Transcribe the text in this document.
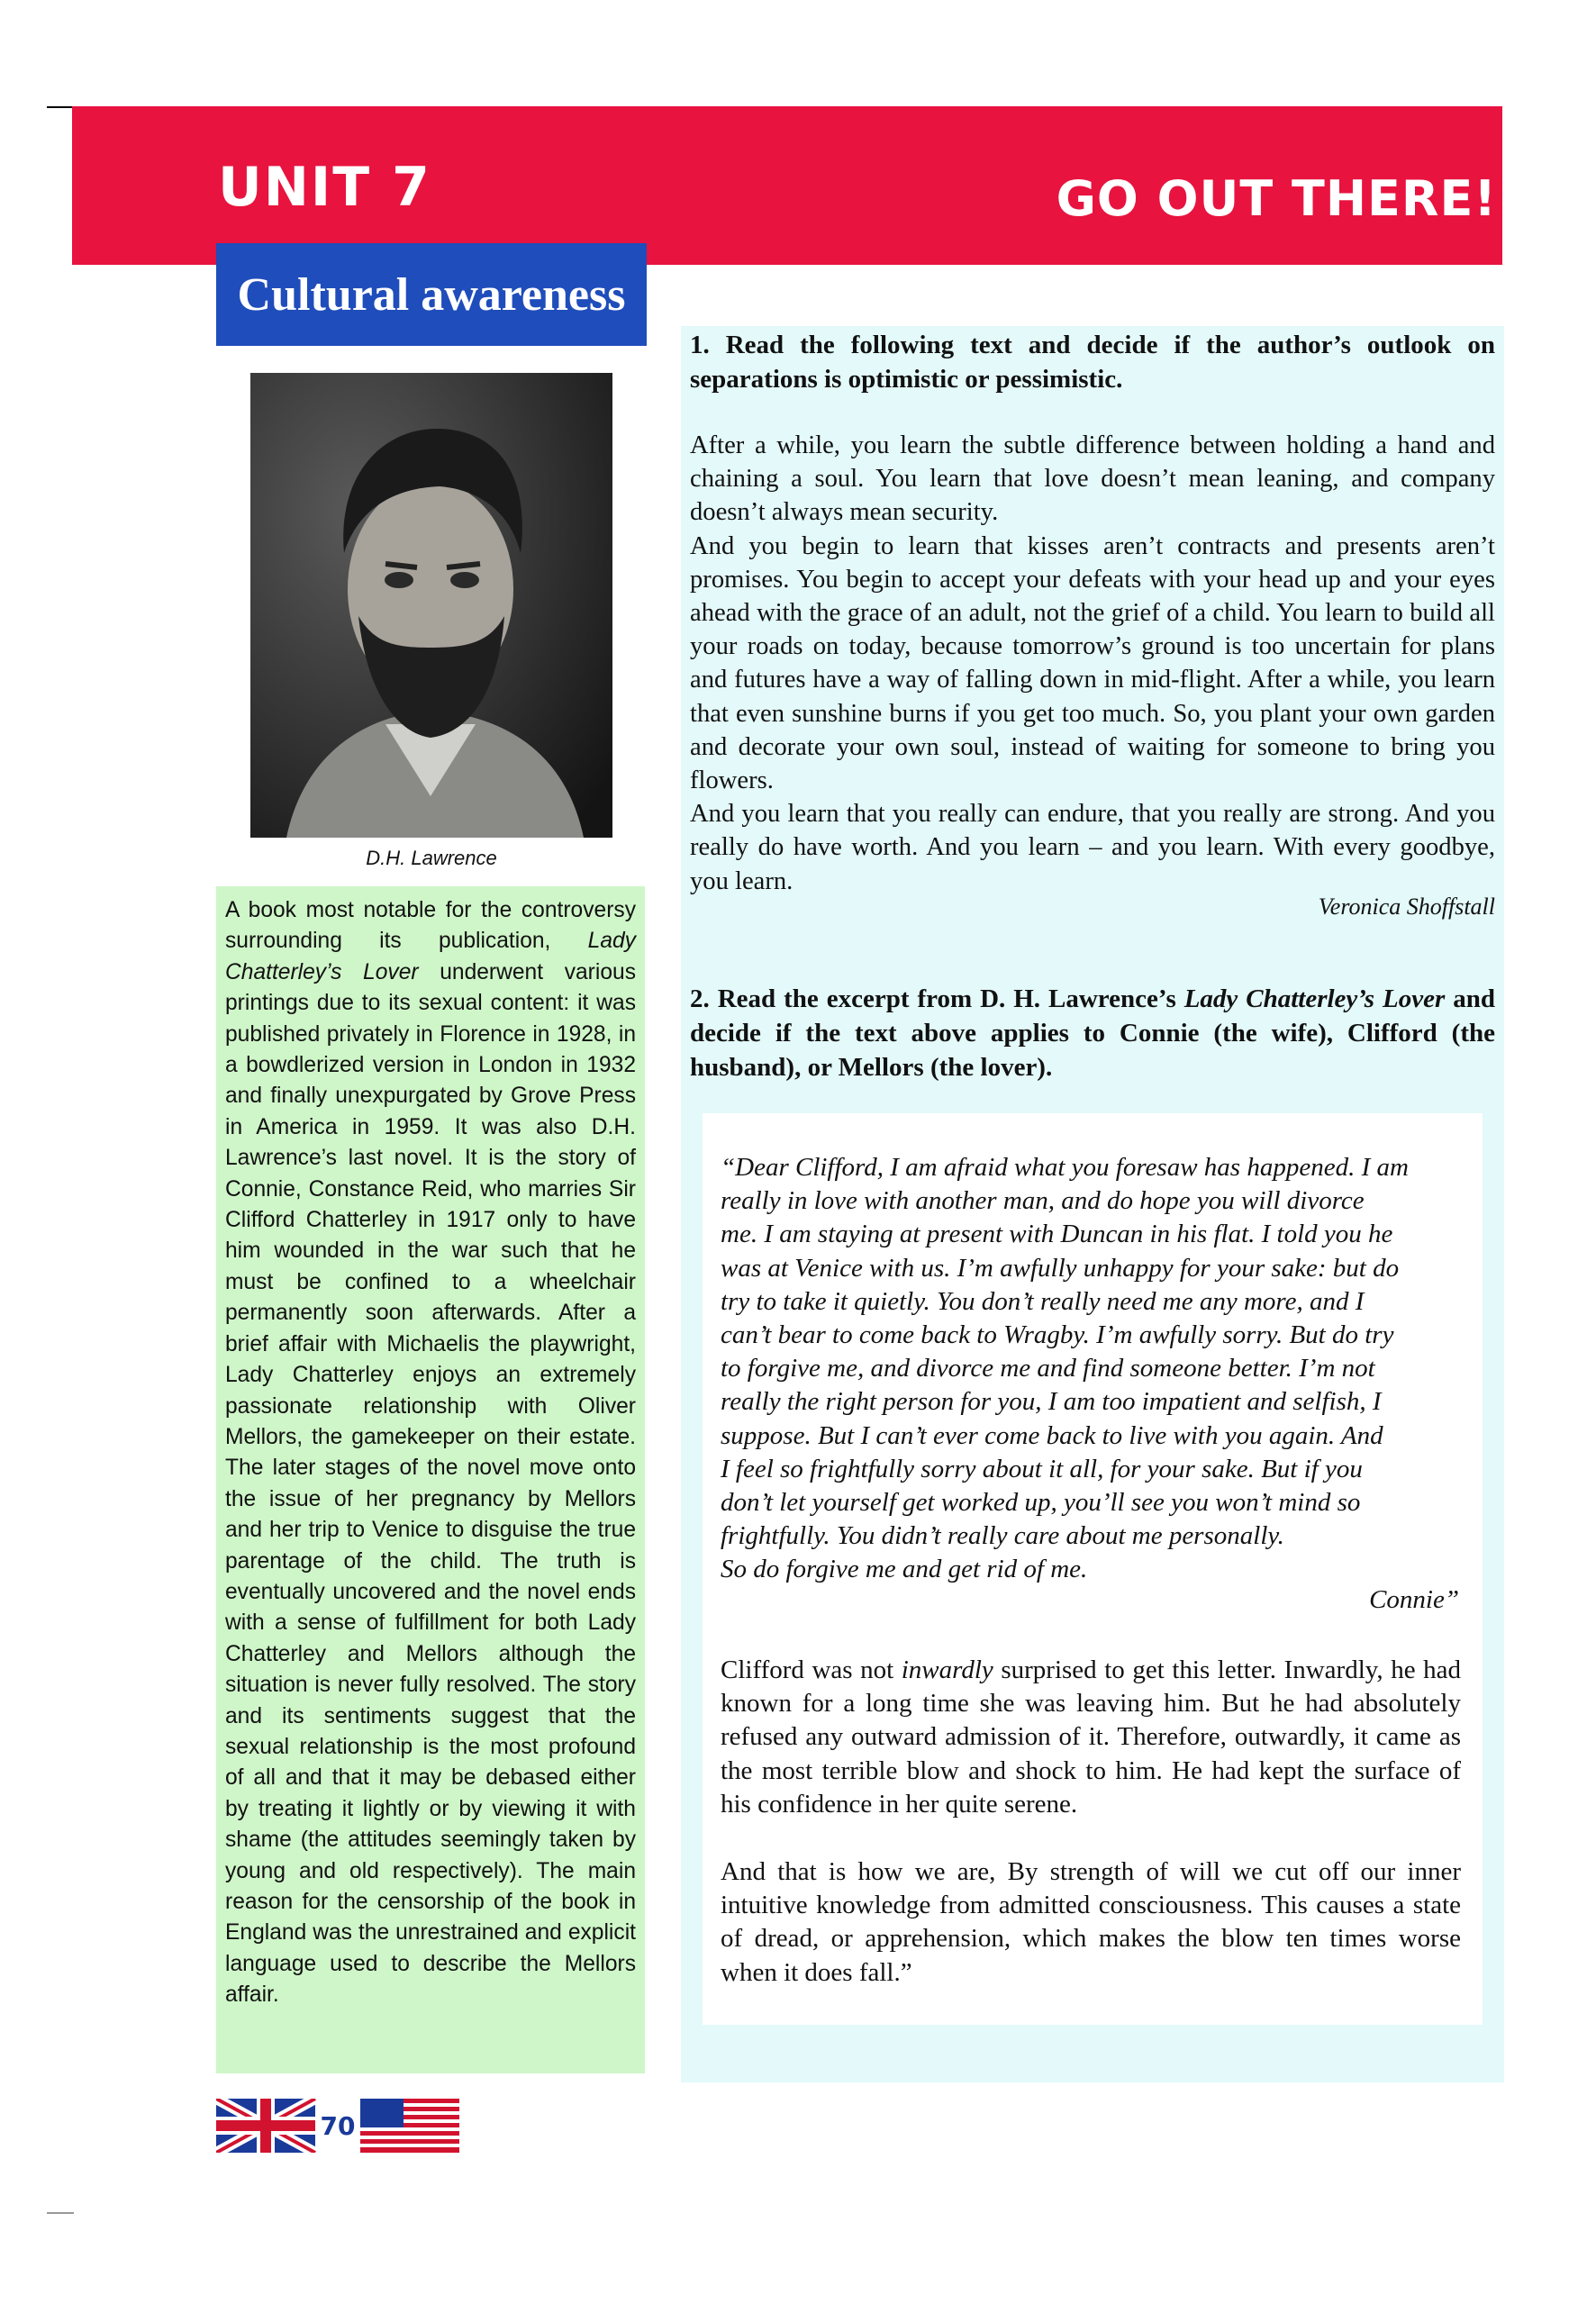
UNIT 7	GO OUT THERE!
Cultural awareness
D.H. Lawrence
A book most notable for the controversy surrounding its publication, Lady Chatterley’s Lover underwent various printings due to its sexual content: it was published privately in Florence in 1928, in a bowdlerized version in London in 1932 and finally unexpurgated by Grove Press in America in 1959. It was also D.H. Lawrence’s last novel. It is the story of Connie, Constance Reid, who marries Sir Clifford Chatterley in 1917 only to have him wounded in the war such that he must be confined to a wheelchair permanently soon afterwards. After a brief affair with Michaelis the playwright, Lady Chatterley enjoys an extremely passionate relationship with Oliver Mellors, the gamekeeper on their estate. The later stages of the novel move onto the issue of her pregnancy by Mellors and her trip to Venice to disguise the true parentage of the child. The truth is eventually uncovered and the novel ends with a sense of fulfillment for both Lady Chatterley and Mellors although the situation is never fully resolved. The story and its sentiments suggest that the sexual relationship is the most profound of all and that it may be debased either by treating it lightly or by viewing it with shame (the attitudes seemingly taken by young and old respectively). The main reason for the censorship of the book in England was the unrestrained and explicit language used to describe the Mellors affair.
1. Read the following text and decide if the author’s outlook on separations is optimistic or pessimistic.

After a while, you learn the subtle difference between holding a hand and chaining a soul. You learn that love doesn’t mean leaning, and company doesn’t always mean security.

And you begin to learn that kisses aren’t contracts and presents aren’t promises. You begin to accept your defeats with your head up and your eyes ahead with the grace of an adult, not the grief of a child. You learn to build all your roads on today, because tomorrow’s ground is too uncertain for plans and futures have a way of falling down in mid-flight. After a while, you learn that even sunshine burns if you get too much. So, you plant your own garden and decorate your own soul, instead of waiting for someone to bring you flowers.

And you learn that you really can endure, that you really are strong. And you really do have worth. And you learn – and you learn. With every goodbye, you learn.

Veronica Shoffstall
2. Read the excerpt from D. H. Lawrence’s Lady Chatterley’s Lover and decide if the text above applies to Connie (the wife), Clifford (the husband), or Mellors (the lover).

“Dear Clifford, I am afraid what you foresaw has happened. I am

really in love with another man, and do hope you will divorce

me. I am staying at present with Duncan in his flat. I told you he

was at Venice with us. I’m awfully unhappy for your sake: but do

try to take it quietly. You don’t really need me any more, and I

can’t bear to come back to Wragby. I’m awfully sorry. But do try

to forgive me, and divorce me and find someone better. I’m not

really the right person for you, I am too impatient and selfish, I

suppose. But I can’t ever come back to live with you again. And

I feel so frightfully sorry about it all, for your sake. But if you

don’t let yourself get worked up, you’ll see you won’t mind so

frightfully. You didn’t really care about me personally.

So do forgive me and get rid of me.

Connie”
Clifford was not inwardly surprised to get this letter. Inwardly, he had known for a long time she was leaving him. But he had absolutely refused any outward admission of it. Therefore, outwardly, it came as the most terrible blow and shock to him. He had kept the surface of his confidence in her quite serene.
And that is how we are, By strength of will we cut off our inner intuitive knowledge from admitted consciousness. This causes a state of dread, or apprehension, which makes the blow ten times worse when it does fall.”
70
